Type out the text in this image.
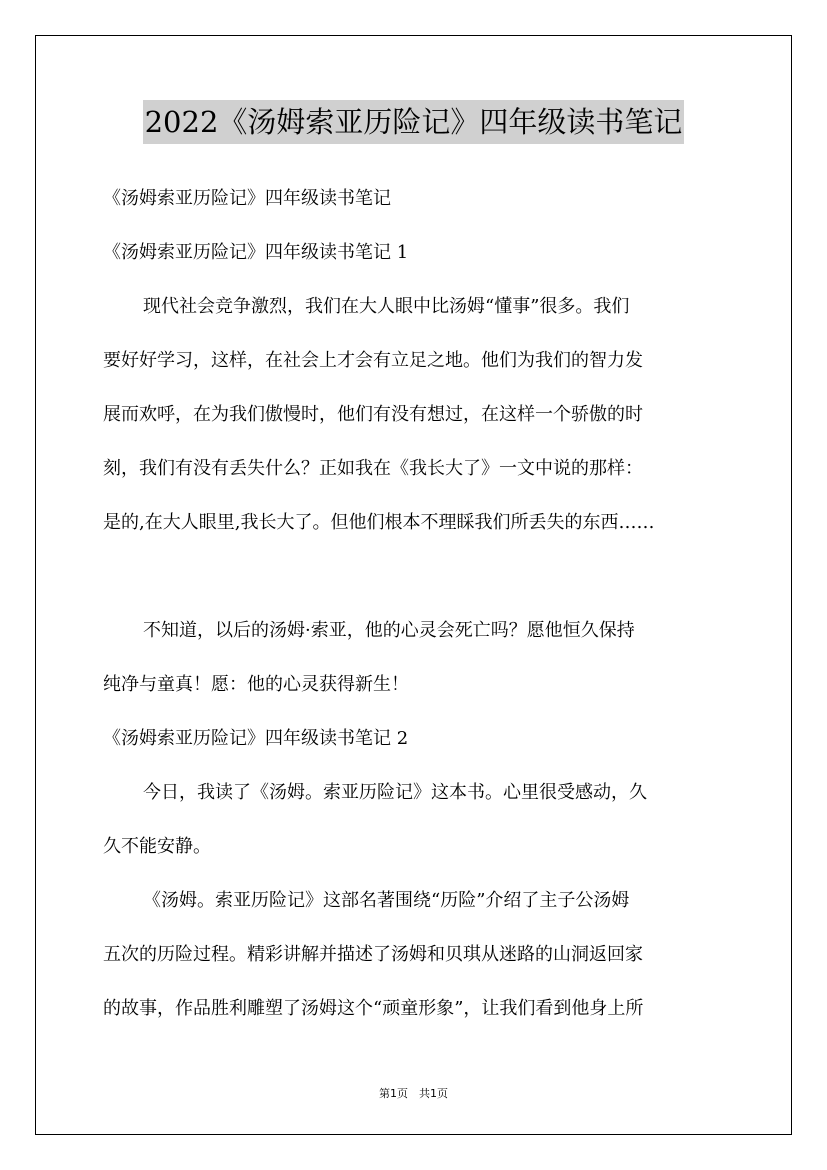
2022《汤姆索亚历险记》四年级读书笔记
《汤姆索亚历险记》四年级读书笔记
《汤姆索亚历险记》四年级读书笔记 1
现代社会竞争激烈，我们在大人眼中比汤姆“懂事”很多。我们
要好好学习，这样，在社会上才会有立足之地。他们为我们的智力发
展而欢呼，在为我们傲慢时，他们有没有想过，在这样一个骄傲的时
刻，我们有没有丢失什么？正如我在《我长大了》一文中说的那样：
是的,在大人眼里,我长大了。但他们根本不理睬我们所丢失的东西……
不知道，以后的汤姆·索亚，他的心灵会死亡吗？愿他恒久保持
纯净与童真！愿：他的心灵获得新生！
《汤姆索亚历险记》四年级读书笔记 2
今日，我读了《汤姆。索亚历险记》这本书。心里很受感动，久
久不能安静。
《汤姆。索亚历险记》这部名著围绕“历险”介绍了主子公汤姆
五次的历险过程。精彩讲解并描述了汤姆和贝琪从迷路的山洞返回家
的故事，作品胜利雕塑了汤姆这个“顽童形象”，让我们看到他身上所
第1页　共1页
